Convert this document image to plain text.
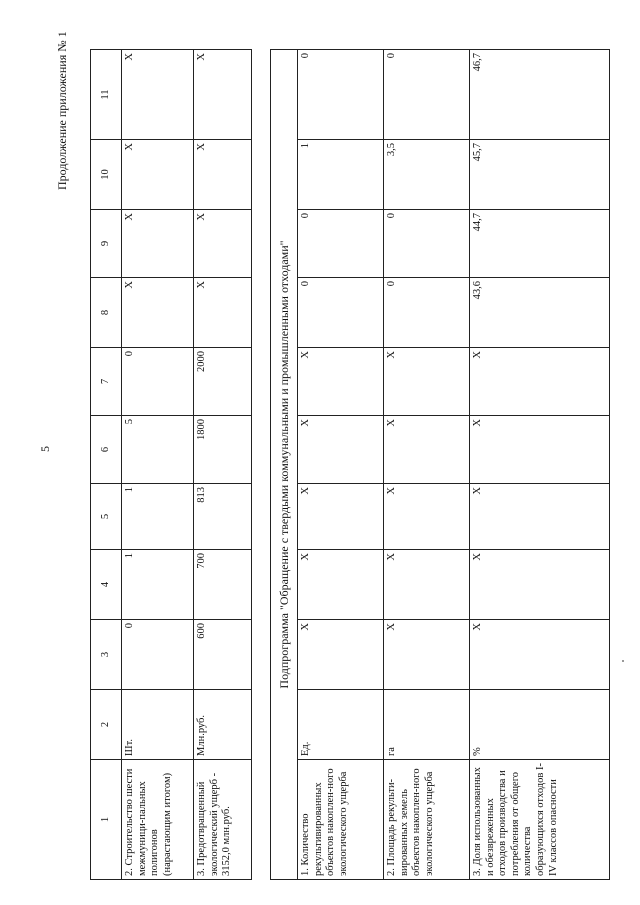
5
Продолжение приложения № 1
1	2	3	4	5	6	7	8	9	10	11
2. Строительство шести межмуници-пальных полигонов (нарастающим итогом)	Шт.	0	1	1	5	0	Х	Х	Х	Х
3. Предотвращенный экологический ущерб - 3152,0 млн.руб.	Млн.руб.	600	700	813	1800	2000	Х	Х	Х	Х
Подпрограмма "Обращение с твердыми коммунальными и промышленными отходами"										
1. Количество рекультивированных объектов накоплен-ного экологического ущерба	Ед.	Х	Х	Х	Х	Х	0	0	1	0
2. Площадь рекульти-вированных земель объектов накоплен-ного экологического ущерба	га	Х	Х	Х	Х	Х	0	0	3,5	0
3. Доля использованных и обезвреженных отходов производства и потребления от общего количества образующихся отходов I-IV классов опасности	%	Х	Х	Х	Х	Х	43,6	44,7	45,7	46,7
